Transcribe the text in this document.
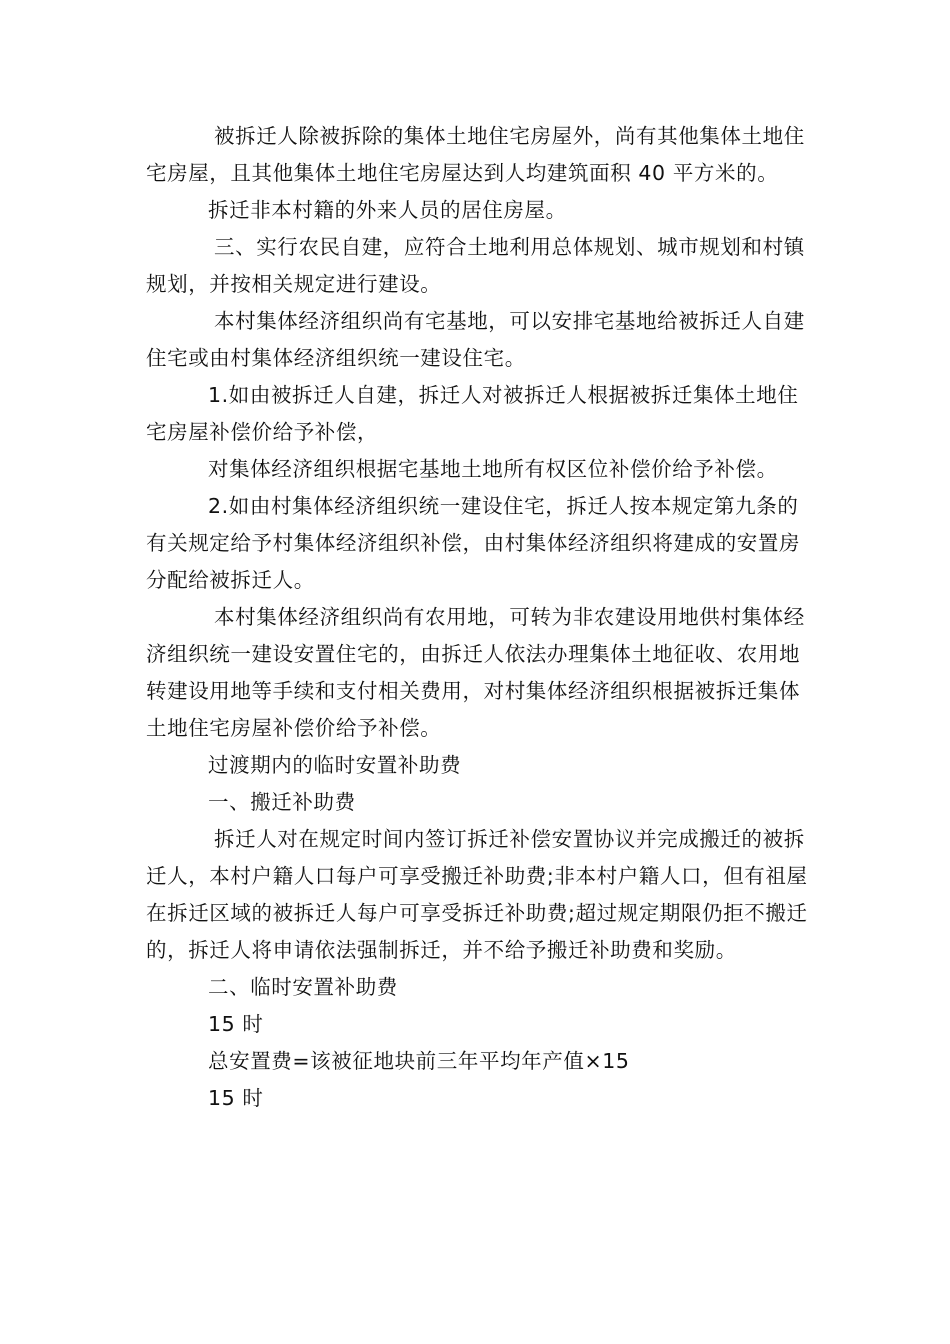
被拆迁人除被拆除的集体土地住宅房屋外，尚有其他集体土地住宅房屋，且其他集体土地住宅房屋达到人均建筑面积 40 平方米的。

拆迁非本村籍的外来人员的居住房屋。

三、实行农民自建，应符合土地利用总体规划、城市规划和村镇规划，并按相关规定进行建设。

本村集体经济组织尚有宅基地，可以安排宅基地给被拆迁人自建住宅或由村集体经济组织统一建设住宅。

1.如由被拆迁人自建，拆迁人对被拆迁人根据被拆迁集体土地住宅房屋补偿价给予补偿，

对集体经济组织根据宅基地土地所有权区位补偿价给予补偿。

2.如由村集体经济组织统一建设住宅，拆迁人按本规定第九条的有关规定给予村集体经济组织补偿，由村集体经济组织将建成的安置房分配给被拆迁人。

本村集体经济组织尚有农用地，可转为非农建设用地供村集体经济组织统一建设安置住宅的，由拆迁人依法办理集体土地征收、农用地转建设用地等手续和支付相关费用，对村集体经济组织根据被拆迁集体土地住宅房屋补偿价给予补偿。

过渡期内的临时安置补助费

一、搬迁补助费

拆迁人对在规定时间内签订拆迁补偿安置协议并完成搬迁的被拆迁人，本村户籍人口每户可享受搬迁补助费;非本村户籍人口，但有祖屋在拆迁区域的被拆迁人每户可享受拆迁补助费;超过规定期限仍拒不搬迁的，拆迁人将申请依法强制拆迁，并不给予搬迁补助费和奖励。

二、临时安置补助费

15 时

总安置费=该被征地块前三年平均年产值×15

15 时
